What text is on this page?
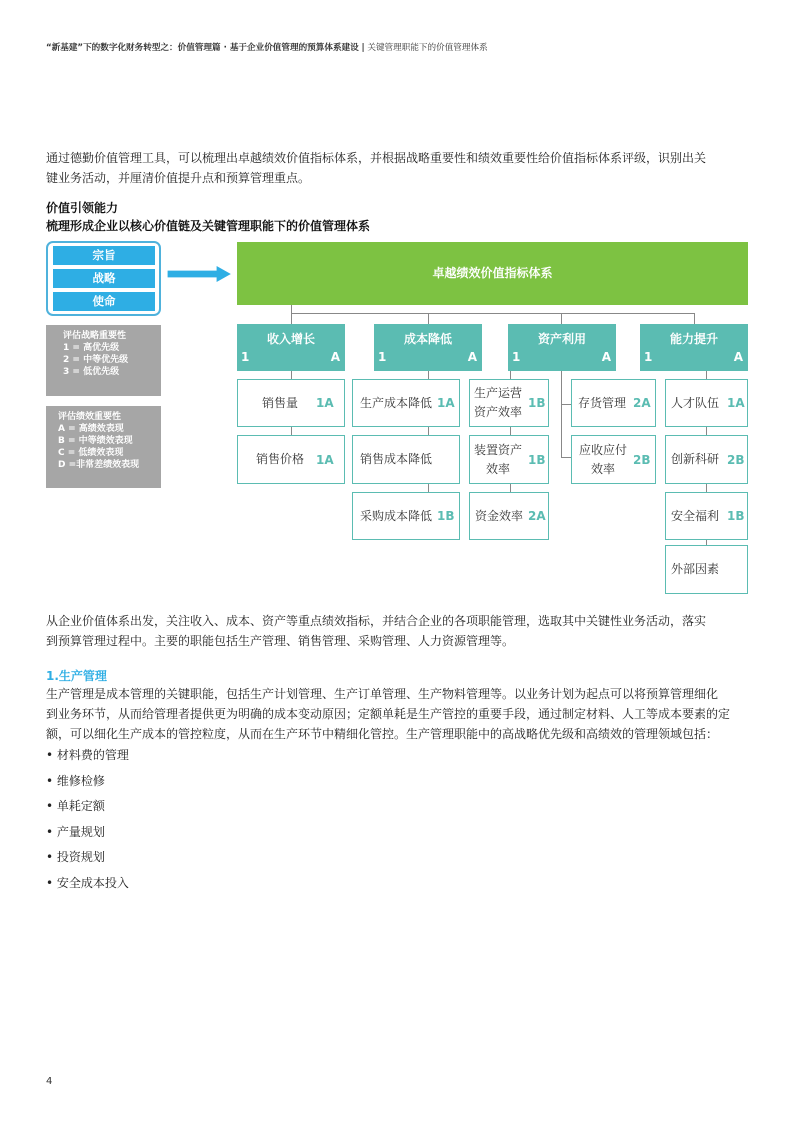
“新基建”下的数字化财务转型之：价值管理篇 · 基于企业价值管理的预算体系建设 | 关键管理职能下的价值管理体系
通过德勤价值管理工具，可以梳理出卓越绩效价值指标体系，并根据战略重要性和绩效重要性给价值指标体系评级，识别出关
键业务活动，并厘清价值提升点和预算管理重点。
价值引领能力
梳理形成企业以核心价值链及关键管理职能下的价值管理体系
宗旨
战略
使命
评估战略重要性
1 = 高优先级
2 = 中等优先级
3 = 低优先级
评估绩效重要性
A = 高绩效表现
B = 中等绩效表现
C = 低绩效表现
D =非常差绩效表现
卓越绩效价值指标体系
收入增长
1	A
成本降低
1	A
资产利用
1	A
能力提升
1	A
销售量	1A
销售价格	1A
生产成本降低 1A
销售成本降低
采购成本降低 1B
生产运营
资产效率
1B
装置资产
效率
1B
资金效率 2A
存货管理 2A
应收应付
效率
2B
人才队伍 1A
创新科研 2B
安全福利 1B
外部因素
从企业价值体系出发，关注收入、成本、资产等重点绩效指标，并结合企业的各项职能管理，选取其中关键性业务活动，落实
到预算管理过程中。主要的职能包括生产管理、销售管理、采购管理、人力资源管理等。
1.生产管理
生产管理是成本管理的关键职能，包括生产计划管理、生产订单管理、生产物料管理等。以业务计划为起点可以将预算管理细化
到业务环节，从而给管理者提供更为明确的成本变动原因；定额单耗是生产管控的重要手段，通过制定材料、人工等成本要素的定
额，可以细化生产成本的管控粒度，从而在生产环节中精细化管控。生产管理职能中的高战略优先级和高绩效的管理领域包括：
• 材料费的管理
• 维修检修
• 单耗定额
• 产量规划
• 投资规划
• 安全成本投入
4
